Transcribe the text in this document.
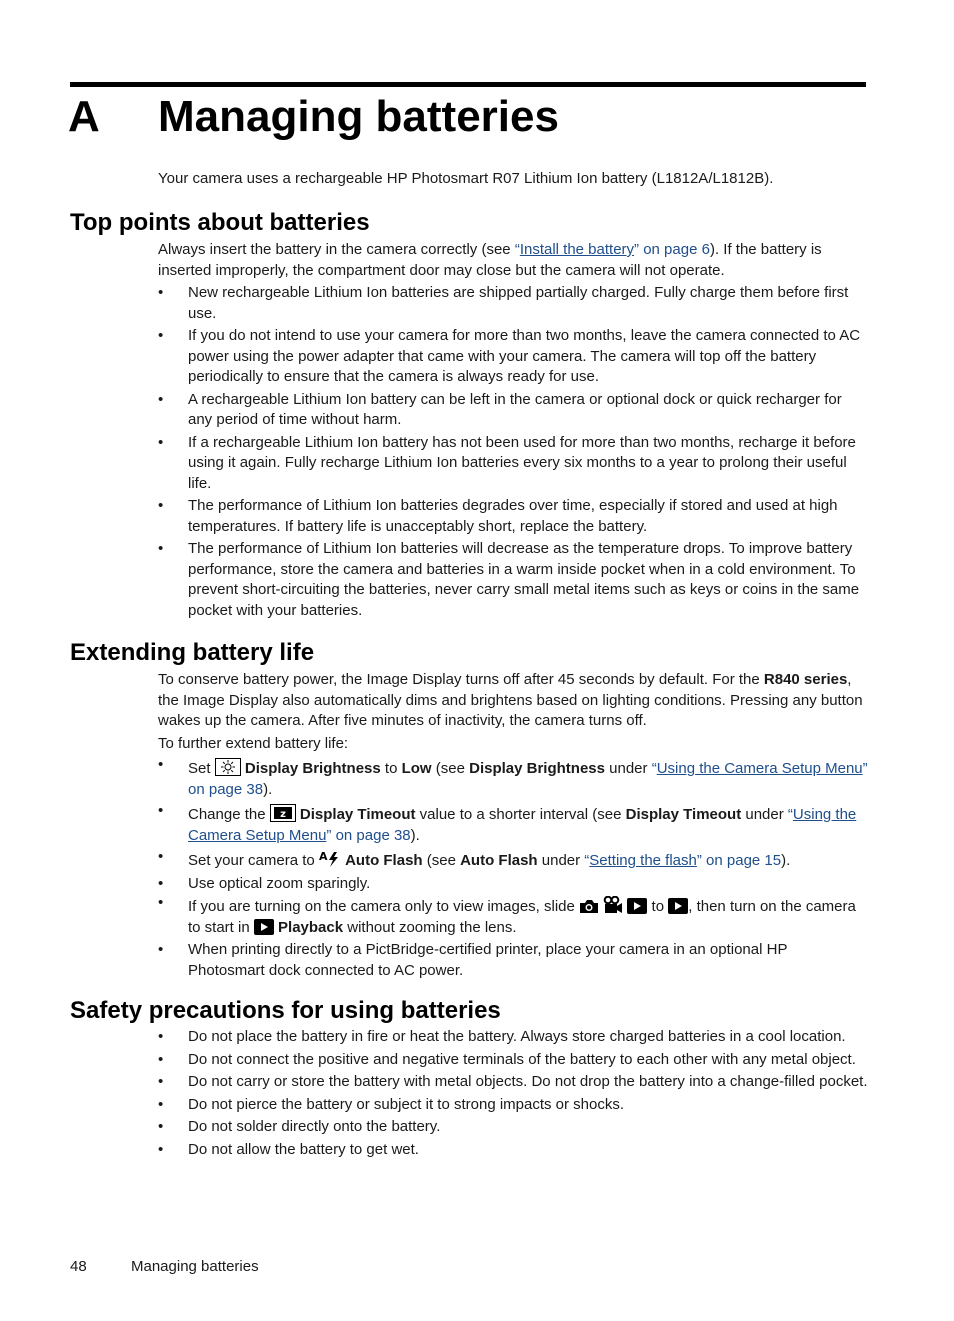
A Managing batteries
Your camera uses a rechargeable HP Photosmart R07 Lithium Ion battery (L1812A/L1812B).
Top points about batteries

Always insert the battery in the camera correctly (see “Install the battery” on page 6). If the battery is inserted improperly, the compartment door may close but the camera will not operate.

• New rechargeable Lithium Ion batteries are shipped partially charged. Fully charge them before first use.
• If you do not intend to use your camera for more than two months, leave the camera connected to AC power using the power adapter that came with your camera. The camera will top off the battery periodically to ensure that the camera is always ready for use.
• A rechargeable Lithium Ion battery can be left in the camera or optional dock or quick recharger for any period of time without harm.
• If a rechargeable Lithium Ion battery has not been used for more than two months, recharge it before using it again. Fully recharge Lithium Ion batteries every six months to a year to prolong their useful life.
• The performance of Lithium Ion batteries degrades over time, especially if stored and used at high temperatures. If battery life is unacceptably short, replace the battery.
• The performance of Lithium Ion batteries will decrease as the temperature drops. To improve battery performance, store the camera and batteries in a warm inside pocket when in a cold environment. To prevent short-circuiting the batteries, never carry small metal items such as keys or coins in the same pocket with your batteries.
Extending battery life

To conserve battery power, the Image Display turns off after 45 seconds by default. For the R840 series, the Image Display also automatically dims and brightens based on lighting conditions. Pressing any button wakes up the camera. After five minutes of inactivity, the camera turns off.

To further extend battery life:

• Set
Display Brightness to Low (see Display Brightness under “Using the Camera Setup Menu” on page 38).
• Change the z Display Timeout value to a shorter interval (see Display Timeout under “Using the Camera Setup Menu” on page 38).
• Set your camera to A Auto Flash (see Auto Flash under “Setting the flash” on page 15).
• Use optical zoom sparingly.
• If you are turning on the camera only to view images, slide

	to
, then turn on the camera to start in
Playback without zooming the lens.
• When printing directly to a PictBridge-certified printer, place your camera in an optional HP Photosmart dock connected to AC power.
Safety precautions for using batteries
• Do not place the battery in fire or heat the battery. Always store charged batteries in a cool location.
• Do not connect the positive and negative terminals of the battery to each other with any metal object.
• Do not carry or store the battery with metal objects. Do not drop the battery into a change-filled pocket.
• Do not pierce the battery or subject it to strong impacts or shocks.
• Do not solder directly onto the battery.
• Do not allow the battery to get wet.
48	Managing batteries
